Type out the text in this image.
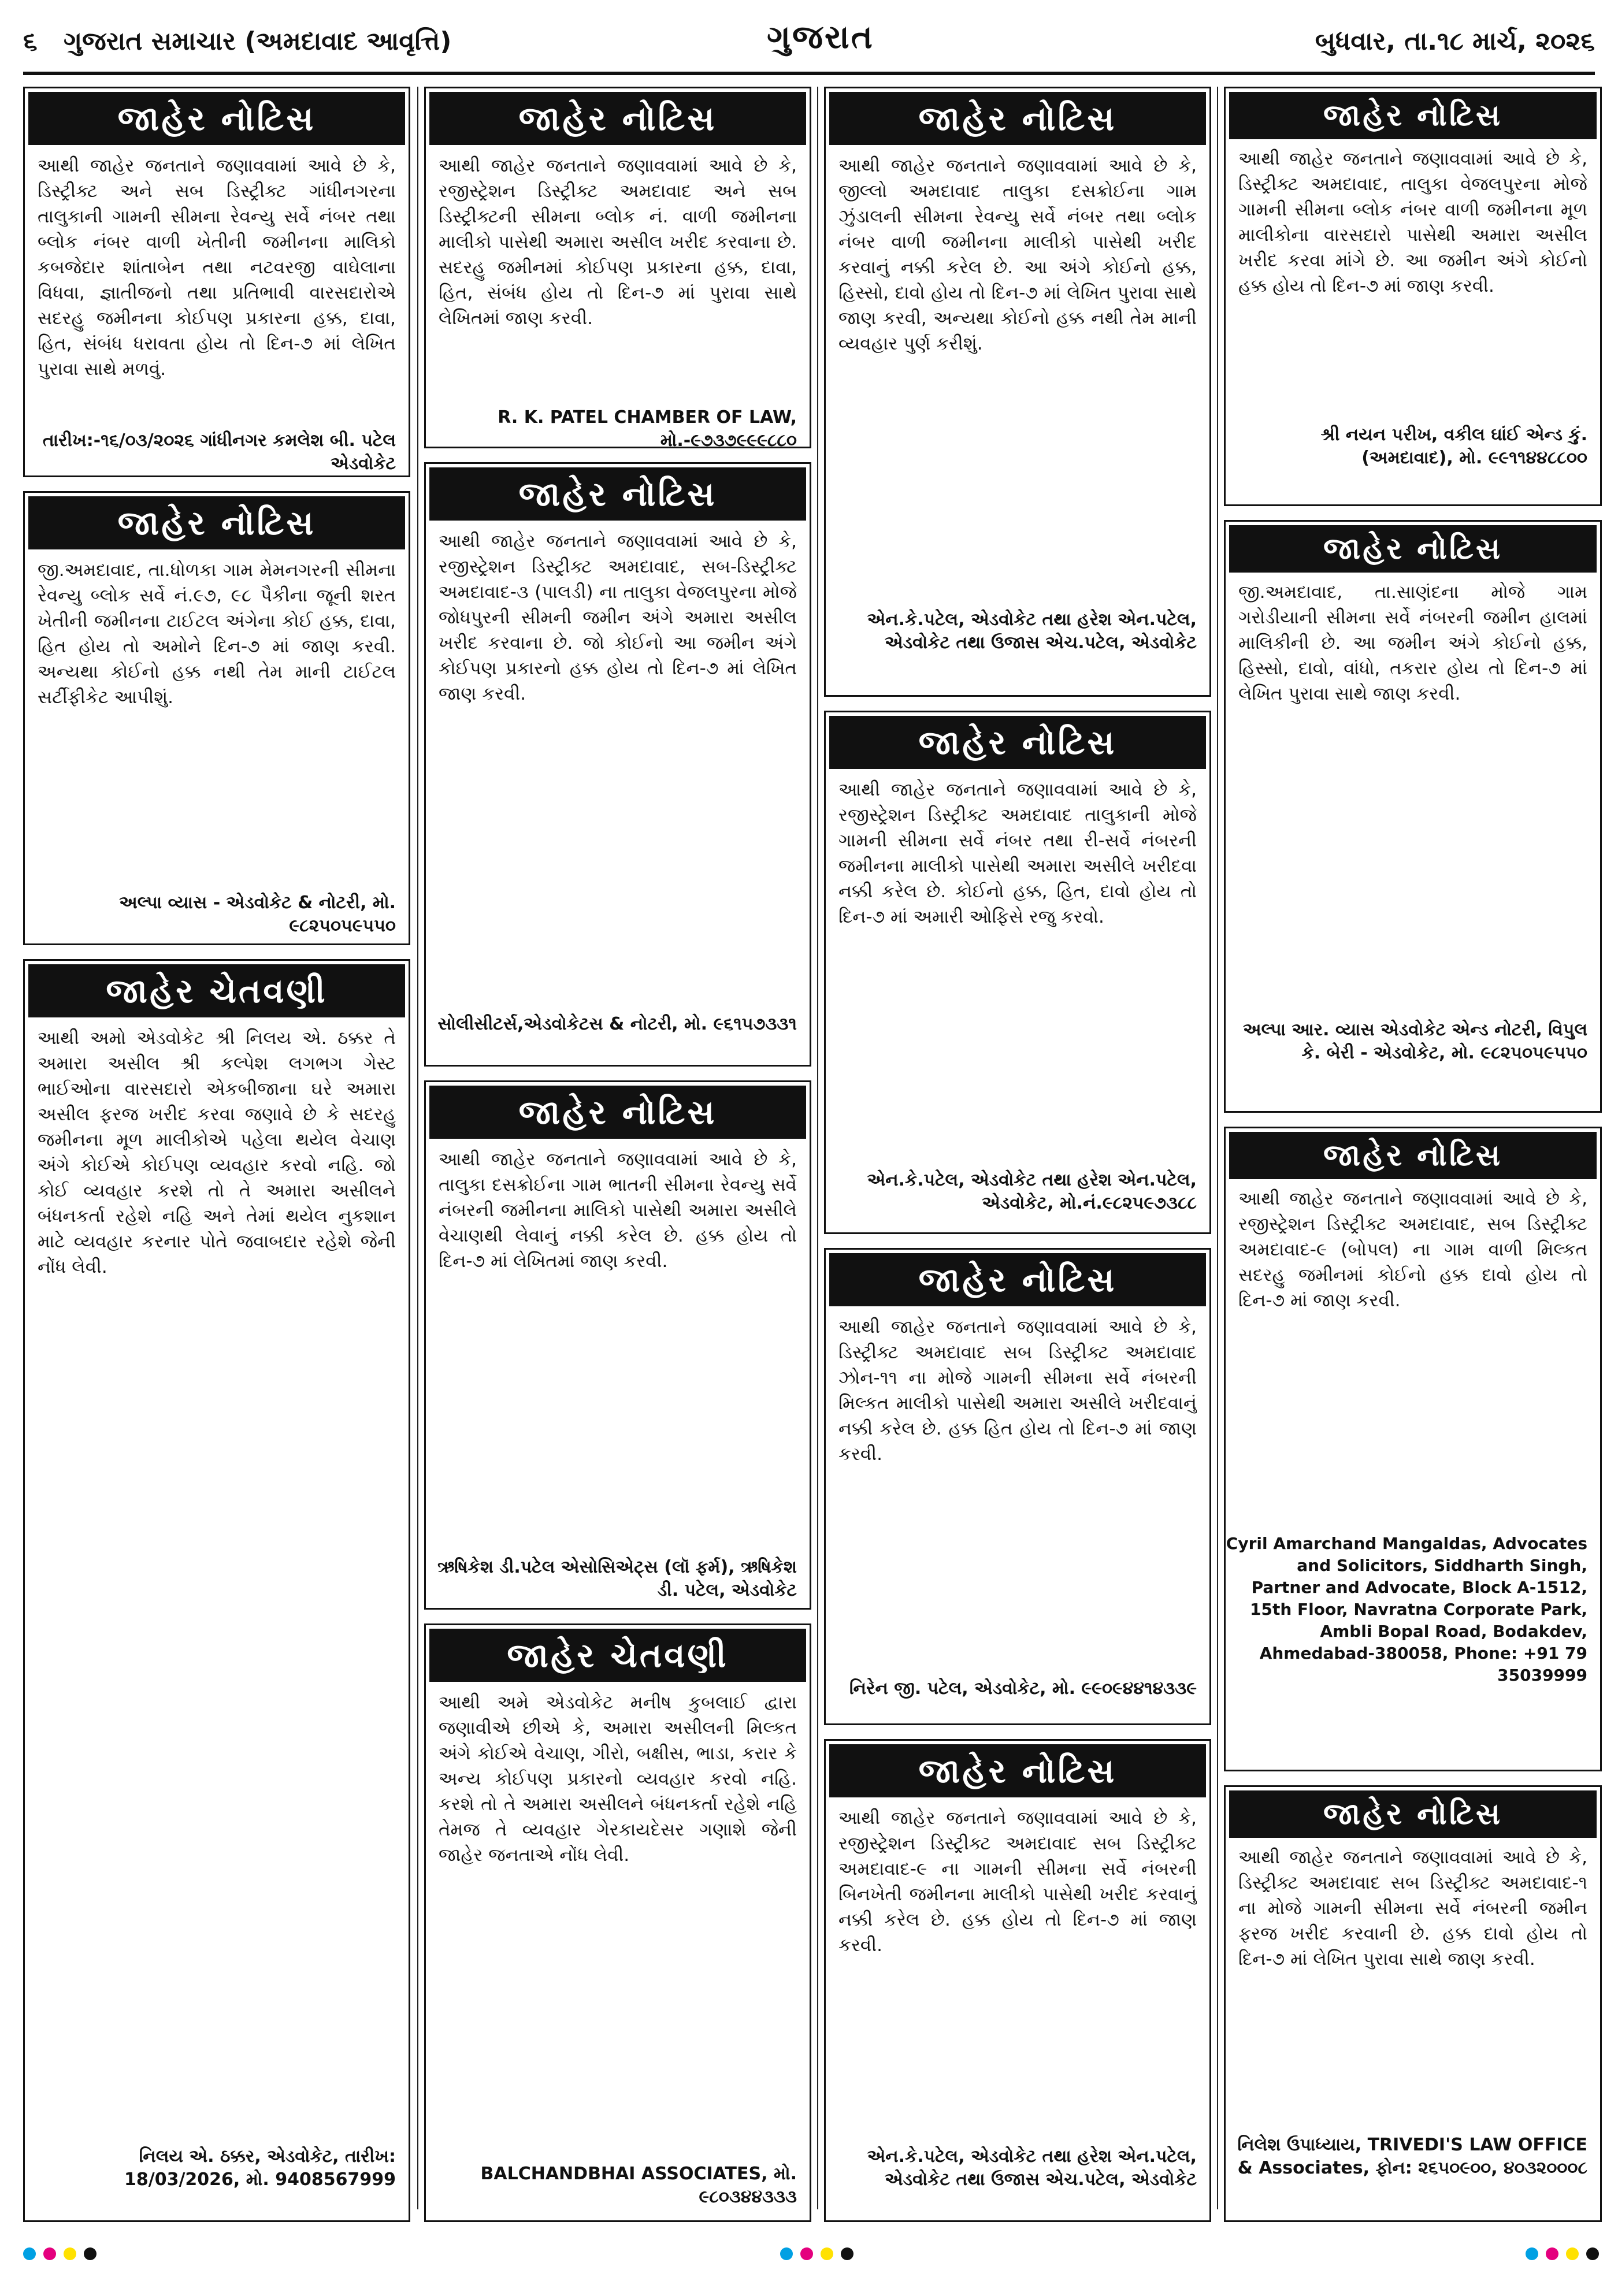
૬ ગુજરાત સમાચાર (અમદાવાદ આવૃત્તિ)	ગુજરાત	બુધવાર, તા.૧૮ માર્ચ, ૨૦૨૬
જાહેર નોટિસ
આથી જાહેર જનતાને જણાવવામાં આવે છે કે, ડિસ્ટ્રીક્ટ અને સબ ડિસ્ટ્રીક્ટ ગાંધીનગરના તાલુકાની ગામની સીમના રેવન્યુ સર્વે નંબર તથા બ્લોક નંબર વાળી ખેતીની જમીનના માલિકો કબજેદાર શાંતાબેન તથા નટવરજી વાઘેલાના વિધવા, જ્ઞાતીજનો તથા પ્રતિભાવી વારસદારોએ સદરહુ જમીનના કોઈપણ પ્રકારના હક્ક, દાવા, હિત, સંબંધ ધરાવતા હોય તો દિન-૭ માં લેખિત પુરાવા સાથે મળવું.
તારીખ:-૧૬/૦૩/૨૦૨૬ ગાંધીનગર કમલેશ બી. પટેલ એડવોકેટ
જાહેર નોટિસ
જી.અમદાવાદ, તા.ધોળકા ગામ મેમનગરની સીમના રેવન્યુ બ્લોક સર્વે નં.૯૭, ૯૮ પૈકીના જૂની શરત ખેતીની જમીનના ટાઈટલ અંગેના કોઈ હક્ક, દાવા, હિત હોય તો અમોને દિન-૭ માં જાણ કરવી. અન્યથા કોઈનો હક્ક નથી તેમ માની ટાઈટલ સર્ટીફીકેટ આપીશું.
અલ્પા વ્યાસ - એડવોકેટ & નોટરી, મો. ૯૮૨૫૦૫૯૫૫૦
જાહેર ચેતવણી
આથી અમો એડવોકેટ શ્રી નિલય એ. ઠક્કર તે અમારા અસીલ શ્રી કલ્પેશ લગભગ ગેસ્ટ ભાઈઓના વારસદારો એકબીજાના ઘરે અમારા અસીલ ફરજ ખરીદ કરવા જણાવે છે કે સદરહુ જમીનના મૂળ માલીકોએ પહેલા થયેલ વેચાણ અંગે કોઈએ કોઈપણ વ્યવહાર કરવો નહિ. જો કોઈ વ્યવહાર કરશે તો તે અમારા અસીલને બંધનકર્તા રહેશે નહિ અને તેમાં થયેલ નુકશાન માટે વ્યવહાર કરનાર પોતે જવાબદાર રહેશે જેની નોંધ લેવી.
નિલય એ. ઠક્કર, એડવોકેટ, તારીખ: 18/03/2026, મો. 9408567999
જાહેર નોટિસ
આથી જાહેર જનતાને જણાવવામાં આવે છે કે, રજીસ્ટ્રેશન ડિસ્ટ્રીક્ટ અમદાવાદ અને સબ ડિસ્ટ્રીક્ટની સીમના બ્લોક નં. વાળી જમીનના માલીકો પાસેથી અમારા અસીલ ખરીદ કરવાના છે. સદરહુ જમીનમાં કોઈપણ પ્રકારના હક્ક, દાવા, હિત, સંબંધ હોય તો દિન-૭ માં પુરાવા સાથે લેખિતમાં જાણ કરવી.
R. K. PATEL CHAMBER OF LAW, મો.-૯૭૩૭૯૯૯૮૮૦
જાહેર નોટિસ
આથી જાહેર જનતાને જણાવવામાં આવે છે કે, રજીસ્ટ્રેશન ડિસ્ટ્રીક્ટ અમદાવાદ, સબ-ડિસ્ટ્રીક્ટ અમદાવાદ-૩ (પાલડી) ના તાલુકા વેજલપુરના મોજે જોધપુરની સીમની જમીન અંગે અમારા અસીલ ખરીદ કરવાના છે. જો કોઈનો આ જમીન અંગે કોઈપણ પ્રકારનો હક્ક હોય તો દિન-૭ માં લેખિત જાણ કરવી.
સોલીસીટર્સ,એડવોકેટસ & નોટરી, મો. ૯૬૧૫૭૩૩૧
જાહેર નોટિસ
આથી જાહેર જનતાને જણાવવામાં આવે છે કે, તાલુકા દસક્રોઈના ગામ ભાતની સીમના રેવન્યુ સર્વે નંબરની જમીનના માલિકો પાસેથી અમારા અસીલે વેચાણથી લેવાનું નક્કી કરેલ છે. હક્ક હોય તો દિન-૭ માં લેખિતમાં જાણ કરવી.
ઋષિકેશ ડી.પટેલ એસોસિએટ્સ (લૉ ફર્મ), ઋષિકેશ ડી. પટેલ, એડવોકેટ
જાહેર ચેતવણી
આથી અમે એડવોકેટ મનીષ કુબલાઈ દ્વારા જણાવીએ છીએ કે, અમારા અસીલની મિલ્કત અંગે કોઈએ વેચાણ, ગીરો, બક્ષીસ, ભાડા, કરાર કે અન્ય કોઈપણ પ્રકારનો વ્યવહાર કરવો નહિ. કરશે તો તે અમારા અસીલને બંધનકર્તા રહેશે નહિ તેમજ તે વ્યવહાર ગેરકાયદેસર ગણાશે જેની જાહેર જનતાએ નોંધ લેવી.
BALCHANDBHAI ASSOCIATES, મો. ૯૮૦૩૪૪૩૩૩
જાહેર નોટિસ
આથી જાહેર જનતાને જણાવવામાં આવે છે કે, જીલ્લો અમદાવાદ તાલુકા દસક્રોઈના ગામ ઝુંડાલની સીમના રેવન્યુ સર્વે નંબર તથા બ્લોક નંબર વાળી જમીનના માલીકો પાસેથી ખરીદ કરવાનું નક્કી કરેલ છે. આ અંગે કોઈનો હક્ક, હિસ્સો, દાવો હોય તો દિન-૭ માં લેખિત પુરાવા સાથે જાણ કરવી, અન્યથા કોઈનો હક્ક નથી તેમ માની વ્યવહાર પુર્ણ કરીશું.
એન.કે.પટેલ, એડવોકેટ તથા હરેશ એન.પટેલ, એડવોકેટ તથા ઉજાસ એચ.પટેલ, એડવોકેટ
જાહેર નોટિસ
આથી જાહેર જનતાને જણાવવામાં આવે છે કે, રજીસ્ટ્રેશન ડિસ્ટ્રીક્ટ અમદાવાદ તાલુકાની મોજે ગામની સીમના સર્વે નંબર તથા રી-સર્વે નંબરની જમીનના માલીકો પાસેથી અમારા અસીલે ખરીદવા નક્કી કરેલ છે. કોઈનો હક્ક, હિત, દાવો હોય તો દિન-૭ માં અમારી ઓફિસે રજુ કરવો.
એન.કે.પટેલ, એડવોકેટ તથા હરેશ એન.પટેલ, એડવોકેટ, મો.નં.૯૮૨૫૯૭૩૮૮
જાહેર નોટિસ
આથી જાહેર જનતાને જણાવવામાં આવે છે કે, ડિસ્ટ્રીક્ટ અમદાવાદ સબ ડિસ્ટ્રીક્ટ અમદાવાદ ઝોન-૧૧ ના મોજે ગામની સીમના સર્વે નંબરની મિલ્કત માલીકો પાસેથી અમારા અસીલે ખરીદવાનું નક્કી કરેલ છે. હક્ક હિત હોય તો દિન-૭ માં જાણ કરવી.
નિરેન જી. પટેલ, એડવોકેટ, મો. ૯૯૦૯૪૪૧૪૩૩૯
જાહેર નોટિસ
આથી જાહેર જનતાને જણાવવામાં આવે છે કે, રજીસ્ટ્રેશન ડિસ્ટ્રીક્ટ અમદાવાદ સબ ડિસ્ટ્રીક્ટ અમદાવાદ-૯ ના ગામની સીમના સર્વે નંબરની બિનખેતી જમીનના માલીકો પાસેથી ખરીદ કરવાનું નક્કી કરેલ છે. હક્ક હોય તો દિન-૭ માં જાણ કરવી.
એન.કે.પટેલ, એડવોકેટ તથા હરેશ એન.પટેલ, એડવોકેટ તથા ઉજાસ એચ.પટેલ, એડવોકેટ
જાહેર નોટિસ
આથી જાહેર જનતાને જણાવવામાં આવે છે કે, ડિસ્ટ્રીક્ટ અમદાવાદ, તાલુકા વેજલપુરના મોજે ગામની સીમના બ્લોક નંબર વાળી જમીનના મૂળ માલીકોના વારસદારો પાસેથી અમારા અસીલ ખરીદ કરવા માંગે છે. આ જમીન અંગે કોઈનો હક્ક હોય તો દિન-૭ માં જાણ કરવી.
શ્રી નયન પરીખ, વકીલ ઘાંઈ એન્ડ કું. (અમદાવાદ), મો. ૯૯૧૧૪૪૮૮૦૦
જાહેર નોટિસ
જી.અમદાવાદ, તા.સાણંદના મોજે ગામ ગરોડીયાની સીમના સર્વે નંબરની જમીન હાલમાં માલિકીની છે. આ જમીન અંગે કોઈનો હક્ક, હિસ્સો, દાવો, વાંધો, તકરાર હોય તો દિન-૭ માં લેખિત પુરાવા સાથે જાણ કરવી.
અલ્પા આર. વ્યાસ એડવોકેટ એન્ડ નોટરી, વિપુલ કે. બેરી - એડવોકેટ, મો. ૯૮૨૫૦૫૯૫૫૦
જાહેર નોટિસ
આથી જાહેર જનતાને જણાવવામાં આવે છે કે, રજીસ્ટ્રેશન ડિસ્ટ્રીક્ટ અમદાવાદ, સબ ડિસ્ટ્રીક્ટ અમદાવાદ-૯ (બોપલ) ના ગામ વાળી મિલ્કત સદરહુ જમીનમાં કોઈનો હક્ક દાવો હોય તો દિન-૭ માં જાણ કરવી.
Cyril Amarchand Mangaldas, Advocates and Solicitors, Siddharth Singh, Partner and Advocate, Block A-1512, 15th Floor, Navratna Corporate Park, Ambli Bopal Road, Bodakdev, Ahmedabad-380058, Phone: +91 79 35039999
જાહેર નોટિસ
આથી જાહેર જનતાને જણાવવામાં આવે છે કે, ડિસ્ટ્રીક્ટ અમદાવાદ સબ ડિસ્ટ્રીક્ટ અમદાવાદ-૧ ના મોજે ગામની સીમના સર્વે નંબરની જમીન ફરજ ખરીદ કરવાની છે. હક્ક દાવો હોય તો દિન-૭ માં લેખિત પુરાવા સાથે જાણ કરવી.
નિલેશ ઉપાધ્યાય, TRIVEDI'S LAW OFFICE & Associates, ફોન: ૨૬૫૦૯૦૦, ૪૦૩૨૦૦૦૮
